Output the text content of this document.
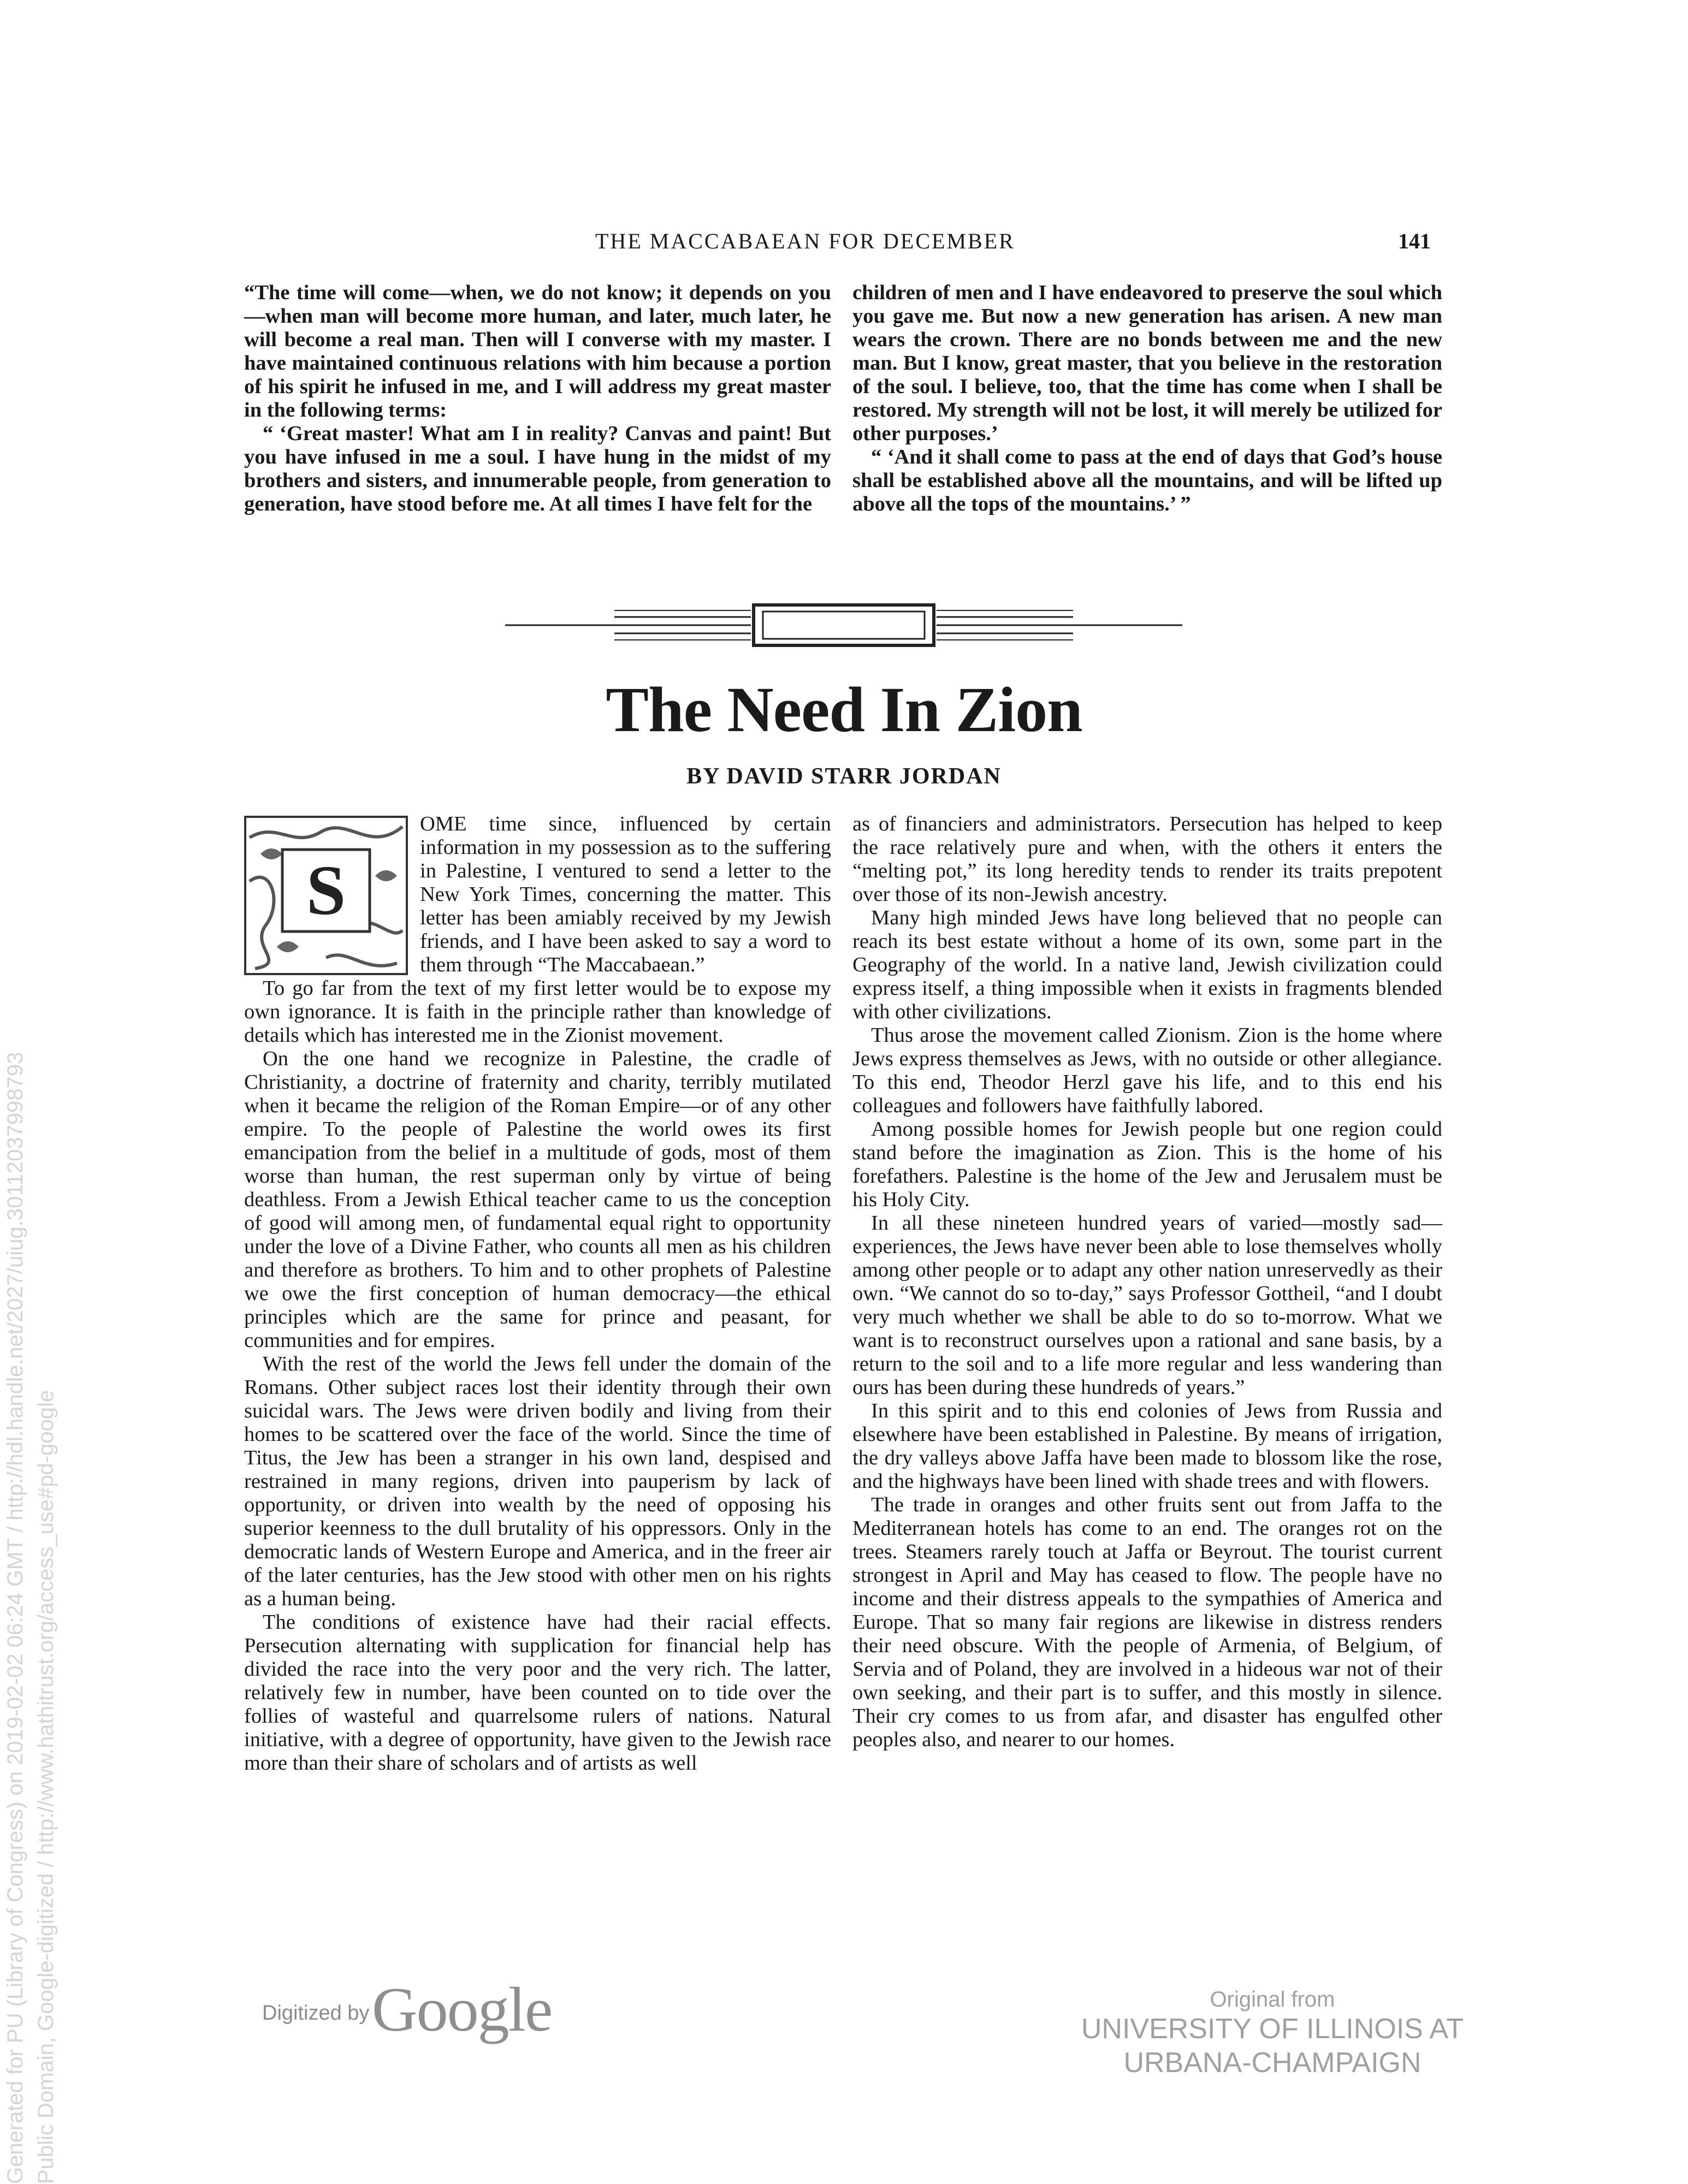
THE MACCABAEAN FOR DECEMBER	141

“The time will come—when, we do not know; it depends on you—when man will become more human, and later, much later, he will become a real man. Then will I converse with my master. I have maintained continuous relations with him because a portion of his spirit he infused in me, and I will address my great master in the following terms:

“ ‘Great master! What am I in reality? Canvas and paint! But you have infused in me a soul. I have hung in the midst of my brothers and sisters, and innumerable people, from generation to generation, have stood before me. At all times I have felt for the

children of men and I have endeavored to preserve the soul which you gave me. But now a new generation has arisen. A new man wears the crown. There are no bonds between me and the new man. But I know, great master, that you believe in the restoration of the soul. I believe, too, that the time has come when I shall be restored. My strength will not be lost, it will merely be utilized for other purposes.’

“ ‘And it shall come to pass at the end of days that God’s house shall be established above all the mountains, and will be lifted up above all the tops of the mountains.’ ”

The Need In Zion
BY DAVID STARR JORDAN
S

OME time since, influenced by certain information in my possession as to the suffering in Palestine, I ventured to send a letter to the New York Times, concerning the matter. This letter has been amiably received by my Jewish friends, and I have been asked to say a word to them through “The Maccabaean.”

To go far from the text of my first letter would be to expose my own ignorance. It is faith in the principle rather than knowledge of details which has interested me in the Zionist movement.

On the one hand we recognize in Palestine, the cradle of Christianity, a doctrine of fraternity and charity, terribly mutilated when it became the religion of the Roman Empire—or of any other empire. To the people of Palestine the world owes its first emancipation from the belief in a multitude of gods, most of them worse than human, the rest superman only by virtue of being deathless. From a Jewish Ethical teacher came to us the conception of good will among men, of fundamental equal right to opportunity under the love of a Divine Father, who counts all men as his children and therefore as brothers. To him and to other prophets of Palestine we owe the first conception of human democracy—the ethical principles which are the same for prince and peasant, for communities and for empires.

With the rest of the world the Jews fell under the domain of the Romans. Other subject races lost their identity through their own suicidal wars. The Jews were driven bodily and living from their homes to be scattered over the face of the world. Since the time of Titus, the Jew has been a stranger in his own land, despised and restrained in many regions, driven into pauperism by lack of opportunity, or driven into wealth by the need of opposing his superior keenness to the dull brutality of his oppressors. Only in the democratic lands of Western Europe and America, and in the freer air of the later centuries, has the Jew stood with other men on his rights as a human being.

The conditions of existence have had their racial effects. Persecution alternating with supplication for financial help has divided the race into the very poor and the very rich. The latter, relatively few in number, have been counted on to tide over the follies of wasteful and quarrelsome rulers of nations. Natural initiative, with a degree of opportunity, have given to the Jewish race more than their share of scholars and of artists as well

as of financiers and administrators. Persecution has helped to keep the race relatively pure and when, with the others it enters the “melting pot,” its long heredity tends to render its traits prepotent over those of its non-Jewish ancestry.

Many high minded Jews have long believed that no people can reach its best estate without a home of its own, some part in the Geography of the world. In a native land, Jewish civilization could express itself, a thing impossible when it exists in fragments blended with other civilizations.

Thus arose the movement called Zionism. Zion is the home where Jews express themselves as Jews, with no outside or other allegiance. To this end, Theodor Herzl gave his life, and to this end his colleagues and followers have faithfully labored.

Among possible homes for Jewish people but one region could stand before the imagination as Zion. This is the home of his forefathers. Palestine is the home of the Jew and Jerusalem must be his Holy City.

In all these nineteen hundred years of varied—mostly sad—experiences, the Jews have never been able to lose themselves wholly among other people or to adapt any other nation unreservedly as their own. “We cannot do so to-day,” says Professor Gottheil, “and I doubt very much whether we shall be able to do so to-morrow. What we want is to reconstruct ourselves upon a rational and sane basis, by a return to the soil and to a life more regular and less wandering than ours has been during these hundreds of years.”

In this spirit and to this end colonies of Jews from Russia and elsewhere have been established in Palestine. By means of irrigation, the dry valleys above Jaffa have been made to blossom like the rose, and the highways have been lined with shade trees and with flowers.

The trade in oranges and other fruits sent out from Jaffa to the Mediterranean hotels has come to an end. The oranges rot on the trees. Steamers rarely touch at Jaffa or Beyrout. The tourist current strongest in April and May has ceased to flow. The people have no income and their distress appeals to the sympathies of America and Europe. That so many fair regions are likewise in distress renders their need obscure. With the people of Armenia, of Belgium, of Servia and of Poland, they are involved in a hideous war not of their own seeking, and their part is to suffer, and this mostly in silence. Their cry comes to us from afar, and disaster has engulfed other peoples also, and nearer to our homes.

Digitized by Google	Original from
UNIVERSITY OF ILLINOIS AT
URBANA-CHAMPAIGN
Generated for PU (Library of Congress) on 2019-02-02 06:24 GMT / http://hdl.handle.net/2027/uiug.30112037998793 Public Domain, Google-digitized / http://www.hathitrust.org/access_use#pd-google
